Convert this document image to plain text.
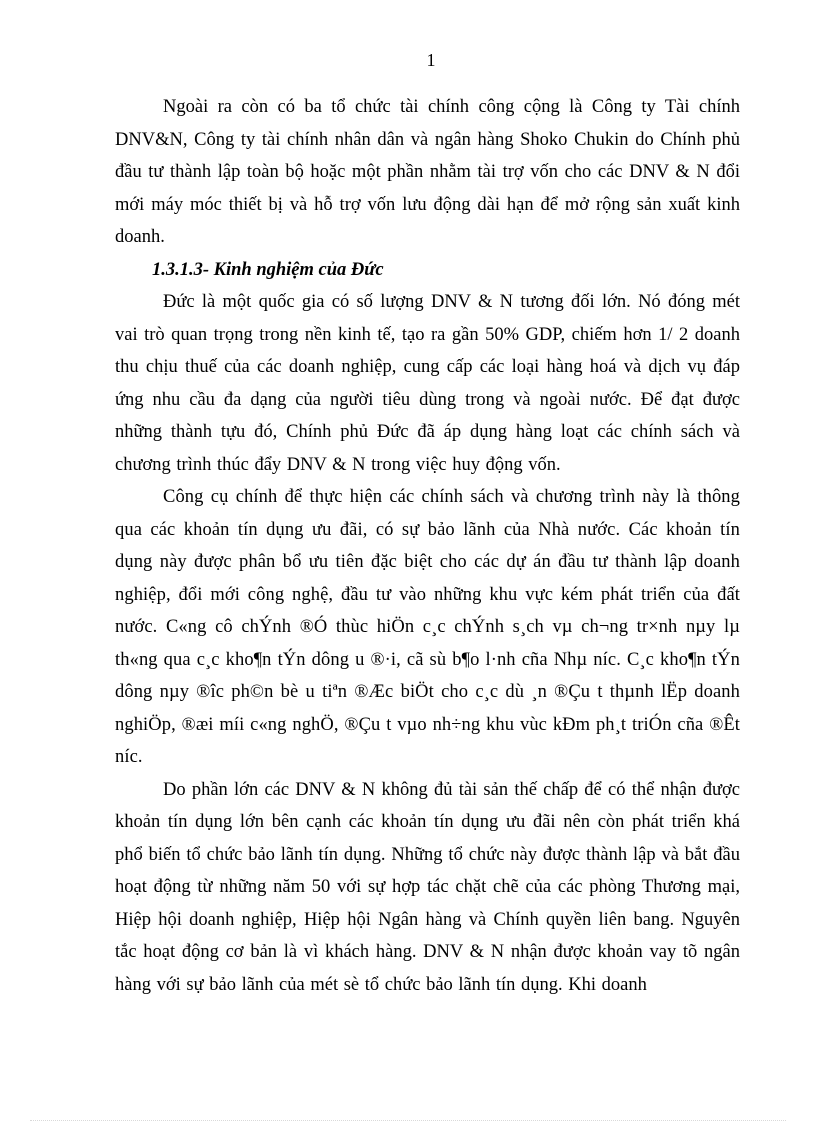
1

Ngoài ra còn có ba tổ chức tài chính công cộng là Công ty Tài chính DNV&N, Công ty tài chính nhân dân và ngân hàng Shoko Chukin do Chính phủ đầu tư thành lập toàn bộ hoặc một phần nhằm tài trợ vốn cho các DNV & N đổi mới máy móc thiết bị và hỗ trợ vốn lưu động dài hạn để mở rộng sản xuất kinh doanh.

1.3.1.3- Kinh nghiệm của Đức

Đức là một quốc gia có số lượng DNV & N tương đối lớn. Nó đóng mét vai trò quan trọng trong nền kinh tế, tạo ra gần 50% GDP, chiếm hơn 1/ 2 doanh thu chịu thuế của các doanh nghiệp, cung cấp các loại hàng hoá và dịch vụ đáp ứng nhu cầu đa dạng của người tiêu dùng trong và ngoài nước. Để đạt được những thành tựu đó, Chính phủ Đức đã áp dụng hàng loạt các chính sách và chương trình thúc đẩy DNV & N trong việc huy động vốn.

Công cụ chính để thực hiện các chính sách và chương trình này là thông qua các khoản tín dụng ưu đãi, có sự bảo lãnh của Nhà nước. Các khoản tín dụng này được phân bổ ưu tiên đặc biệt cho các dự án đầu tư thành lập doanh nghiệp, đổi mới công nghệ, đầu tư vào những khu vực kém phát triển của đất nước. C«ng cô chÝnh ®Ó thùc hiÖn c¸c chÝnh s¸ch vµ ch¬ng tr×nh nµy lµ th«ng qua c¸c kho¶n tÝn dông u ®·i, cã sù b¶o l·nh cña Nhµ níc. C¸c kho¶n tÝn dông nµy ®îc ph©n bè u tiªn ®Æc biÖt cho c¸c dù ¸n ®Çu t thµnh lËp doanh nghiÖp, ®æi míi c«ng nghÖ, ®Çu t vµo nh÷ng khu vùc kÐm ph¸t triÓn cña ®Êt níc.

Do phần lớn các DNV & N không đủ tài sản thế chấp để có thể nhận được khoản tín dụng lớn bên cạnh các khoản tín dụng ưu đãi nên còn phát triển khá phổ biến tổ chức bảo lãnh tín dụng. Những tổ chức này được thành lập và bắt đầu hoạt động từ những năm 50 với sự hợp tác chặt chẽ của các phòng Thương mại, Hiệp hội doanh nghiệp, Hiệp hội Ngân hàng và Chính quyền liên bang. Nguyên tắc hoạt động cơ bản là vì khách hàng. DNV & N nhận được khoản vay tõ ngân hàng với sự bảo lãnh của mét sè tổ chức bảo lãnh tín dụng. Khi doanh
